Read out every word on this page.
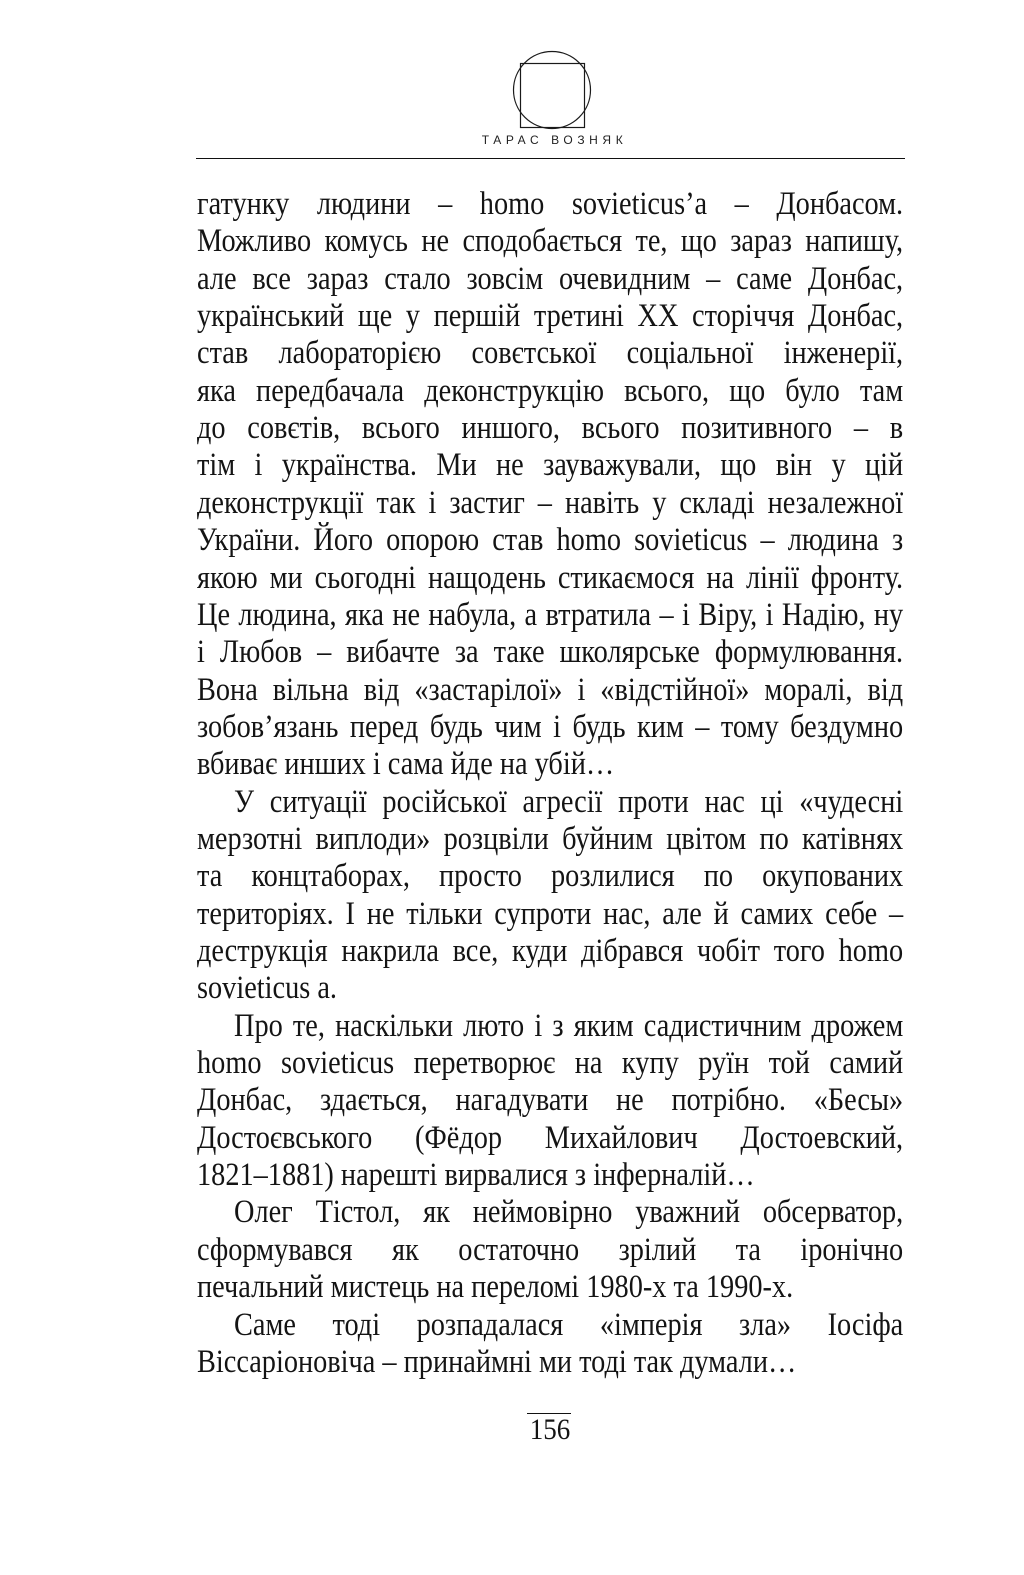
ТАРАС ВОЗНЯК
гатунку людини – homo sovieticus’a – Донбасом.
Можливо комусь не сподобається те, що зараз напишу,
але все зараз стало зовсім очевидним – саме Донбас,
український ще у першій третині XX сторіччя Донбас,
став лабораторією совєтської соціальної інженерії,
яка передбачала деконструкцію всього, що було там
до совєтів, всього иншого, всього позитивного – в
тім і українства. Ми не зауважували, що він у цій
деконструкції так і застиг – навіть у складі незалежної
України. Його опорою став homo sovieticus – людина з
якою ми сьогодні нащодень стикаємося на лінії фронту.
Це людина, яка не набула, а втратила – і Віру, і Надію, ну
і Любов – вибачте за таке школярське формулювання.
Вона вільна від «застарілої» і «відстійної» моралі, від
зобов’язань перед будь чим і будь ким – тому бездумно
вбиває инших і сама йде на убій…
У ситуації російської агресії проти нас ці «чудесні
мерзотні виплоди» розцвіли буйним цвітом по катівнях
та концтаборах, просто розлилися по окупованих
територіях. І не тільки супроти нас, але й самих себе –
деструкція накрила все, куди дібрався чобіт того homo
sovieticus a.
Про те, наскільки люто і з яким садистичним дрожем
homo sovieticus перетворює на купу руїн той самий
Донбас, здається, нагадувати не потрібно. «Бесы»
Достоєвського (Фёдор Михайлович Достоевский,
1821–1881) нарешті вирвалися з інферналій…
Олег Тістол, як неймовірно уважний обсерватор,
сформувався як остаточно зрілий та іронічно
печальний мистець на переломі 1980-х та 1990-х.
Саме тоді розпадалася «імперія зла» Іосіфа
Віссаріоновіча – принаймні ми тоді так думали…
156
